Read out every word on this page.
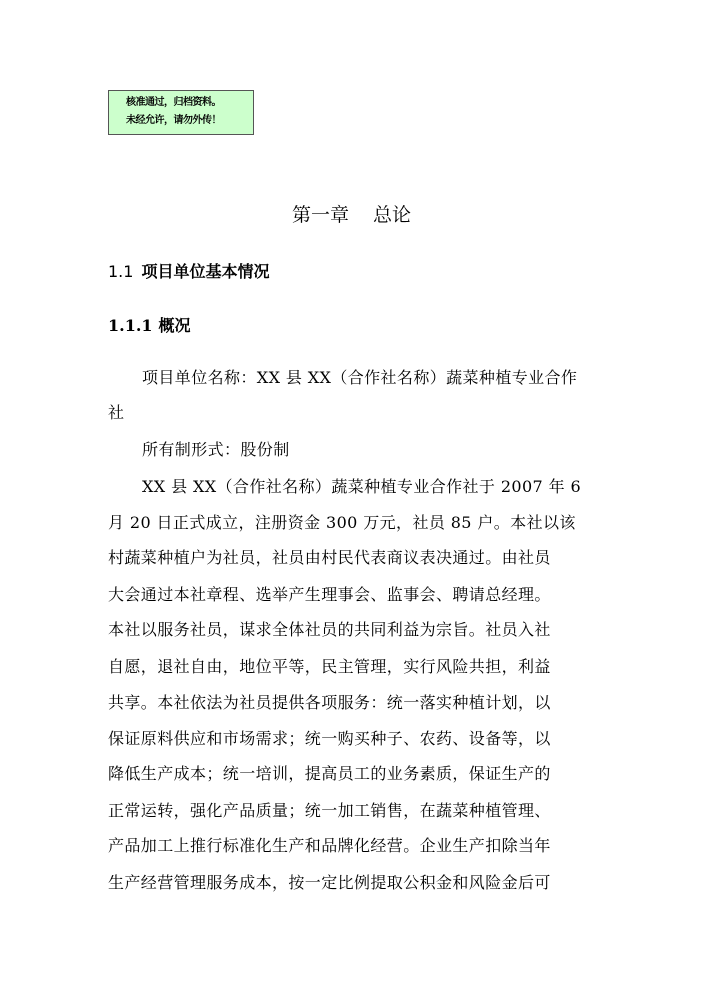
核准通过，归档资料。
未经允许，请勿外传！
第一章 总论
1.1 项目单位基本情况
1.1.1 概况
项目单位名称：XX 县 XX（合作社名称）蔬菜种植专业合作
社
所有制形式：股份制
XX 县 XX（合作社名称）蔬菜种植专业合作社于 2007 年 6
月 20 日正式成立，注册资金 300 万元，社员 85 户。本社以该
村蔬菜种植户为社员，社员由村民代表商议表决通过。由社员
大会通过本社章程、选举产生理事会、监事会、聘请总经理。
本社以服务社员，谋求全体社员的共同利益为宗旨。社员入社
自愿，退社自由，地位平等，民主管理，实行风险共担，利益
共享。本社依法为社员提供各项服务：统一落实种植计划，以
保证原料供应和市场需求；统一购买种子、农药、设备等，以
降低生产成本；统一培训，提高员工的业务素质，保证生产的
正常运转，强化产品质量；统一加工销售，在蔬菜种植管理、
产品加工上推行标准化生产和品牌化经营。企业生产扣除当年
生产经营管理服务成本，按一定比例提取公积金和风险金后可
